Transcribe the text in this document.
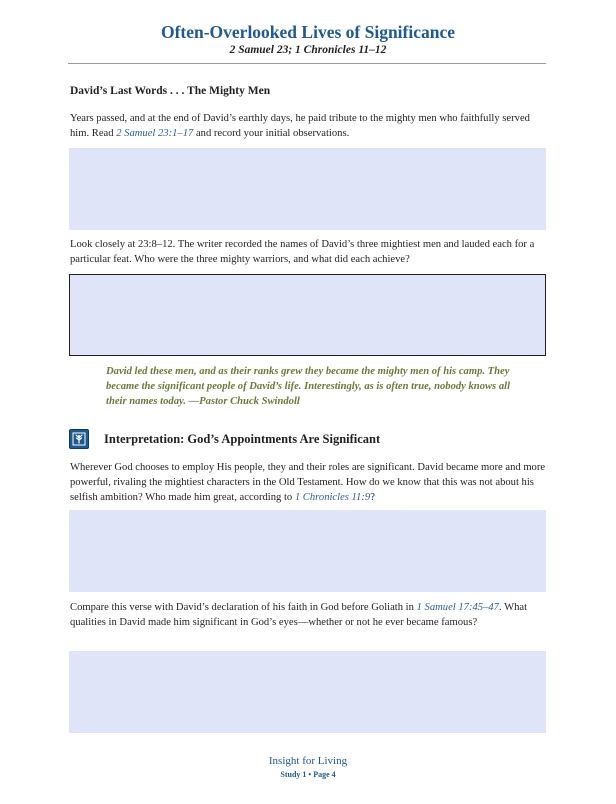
Often-Overlooked Lives of Significance
2 Samuel 23; 1 Chronicles 11–12
David’s Last Words . . . The Mighty Men

Years passed, and at the end of David’s earthly days, he paid tribute to the mighty men who faithfully served him. Read 2 Samuel 23:1–17 and record your initial observations.

Look closely at 23:8–12. The writer recorded the names of David’s three mightiest men and lauded each for a particular feat. Who were the three mighty warriors, and what did each achieve?

David led these men, and as their ranks grew they became the mighty men of his camp. They became the significant people of David’s life. Interestingly, as is often true, nobody knows all their names today. —Pastor Chuck Swindoll

Interpretation: God’s Appointments Are Significant

Wherever God chooses to employ His people, they and their roles are significant. David became more and more powerful, rivaling the mightiest characters in the Old Testament. How do we know that this was not about his selfish ambition? Who made him great, according to 1 Chronicles 11:9?

Compare this verse with David’s declaration of his faith in God before Goliath in 1 Samuel 17:45–47. What qualities in David made him significant in God’s eyes—whether or not he ever became famous?

Insight for Living
Study 1 • Page 4
